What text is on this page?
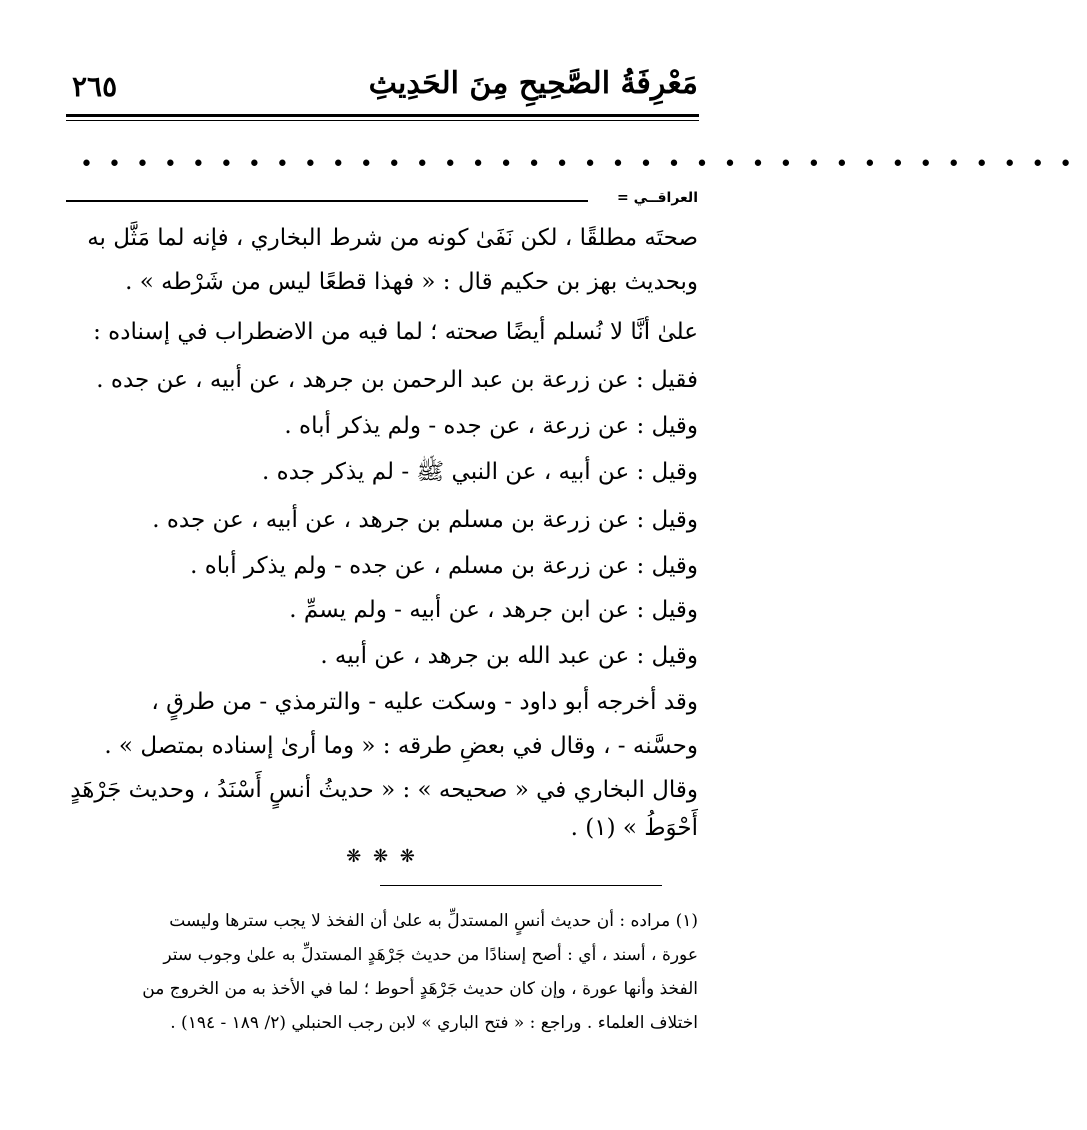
مَعْرِفَةُ الصَّحِيحِ مِنَ الحَدِيثِ
٢٦٥
••••••••••••••••••••••••••••••••••••
العراقــي =
صحتَه مطلقًا ، لكن نَفَىٰ كونه من شرط البخاري ، فإنه لما مَثَّل به
وبحديث بهز بن حكيم قال : « فهذا قطعًا ليس من شَرْطه » .
علىٰ أنَّا لا نُسلم أيضًا صحته ؛ لما فيه من الاضطراب في إسناده :
فقيل : عن زرعة بن عبد الرحمن بن جرهد ، عن أبيه ، عن جده .
وقيل : عن زرعة ، عن جده - ولم يذكر أباه .
وقيل : عن أبيه ، عن النبي ﷺ - لم يذكر جده .
وقيل : عن زرعة بن مسلم بن جرهد ، عن أبيه ، عن جده .
وقيل : عن زرعة بن مسلم ، عن جده - ولم يذكر أباه .
وقيل : عن ابن جرهد ، عن أبيه - ولم يسمِّ .
وقيل : عن عبد الله بن جرهد ، عن أبيه .
وقد أخرجه أبو داود - وسكت عليه - والترمذي - من طرقٍ ،
وحسَّنه - ، وقال في بعضِ طرقه : « وما أرىٰ إسناده بمتصل » .
وقال البخاري في « صحيحه » : « حديثُ أنسٍ أَسْنَدُ ، وحديث جَرْهَدٍ
أَحْوَطُ » (١) .
❋ ❋ ❋
(١) مراده : أن حديث أنسٍ المستدلِّ به علىٰ أن الفخذ لا يجب سترها وليست
عورة ، أسند ، أي : أصح إسنادًا من حديث جَرْهَدٍ المستدلِّ به علىٰ وجوب ستر
الفخذ وأنها عورة ، وإن كان حديث جَرْهَدٍ أحوط ؛ لما في الأخذ به من الخروج من
اختلاف العلماء . وراجع : « فتح الباري » لابن رجب الحنبلي (٢/ ١٨٩ - ١٩٤) .
